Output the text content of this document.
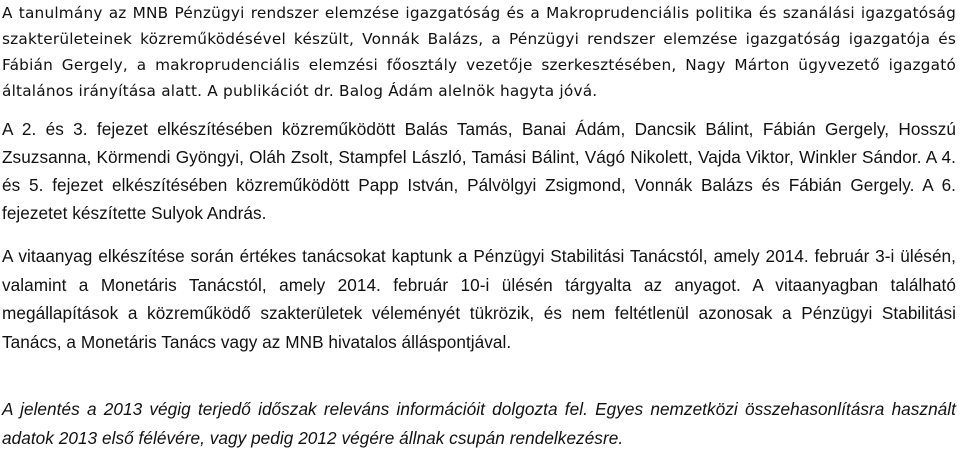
A tanulmány az MNB Pénzügyi rendszer elemzése igazgatóság és a Makroprudenciális politika és szanálási igazgatóság szakterületeinek közreműködésével készült, Vonnák Balázs, a Pénzügyi rendszer elemzése igazgatóság igazgatója és Fábián Gergely, a makroprudenciális elemzési főosztály vezetője szerkesztésében, Nagy Márton ügyvezető igazgató általános irányítása alatt. A publikációt dr. Balog Ádám alelnök hagyta jóvá.

A 2. és 3. fejezet elkészítésében közreműködött Balás Tamás, Banai Ádám, Dancsik Bálint, Fábián Gergely, Hosszú Zsuzsanna, Körmendi Gyöngyi, Oláh Zsolt, Stampfel László, Tamási Bálint, Vágó Nikolett, Vajda Viktor, Winkler Sándor. A 4. és 5. fejezet elkészítésében közreműködött Papp István, Pálvölgyi Zsigmond, Vonnák Balázs és Fábián Gergely. A 6. fejezetet készítette Sulyok András.

A vitaanyag elkészítése során értékes tanácsokat kaptunk a Pénzügyi Stabilitási Tanácstól, amely 2014. február 3-i ülésén, valamint a Monetáris Tanácstól, amely 2014. február 10-i ülésén tárgyalta az anyagot. A vitaanyagban található megállapítások a közreműködő szakterületek véleményét tükrözik, és nem feltétlenül azonosak a Pénzügyi Stabilitási Tanács, a Monetáris Tanács vagy az MNB hivatalos álláspontjával.

A jelentés a 2013 végig terjedő időszak releváns információit dolgozta fel. Egyes nemzetközi összehasonlításra használt adatok 2013 első félévére, vagy pedig 2012 végére állnak csupán rendelkezésre.
